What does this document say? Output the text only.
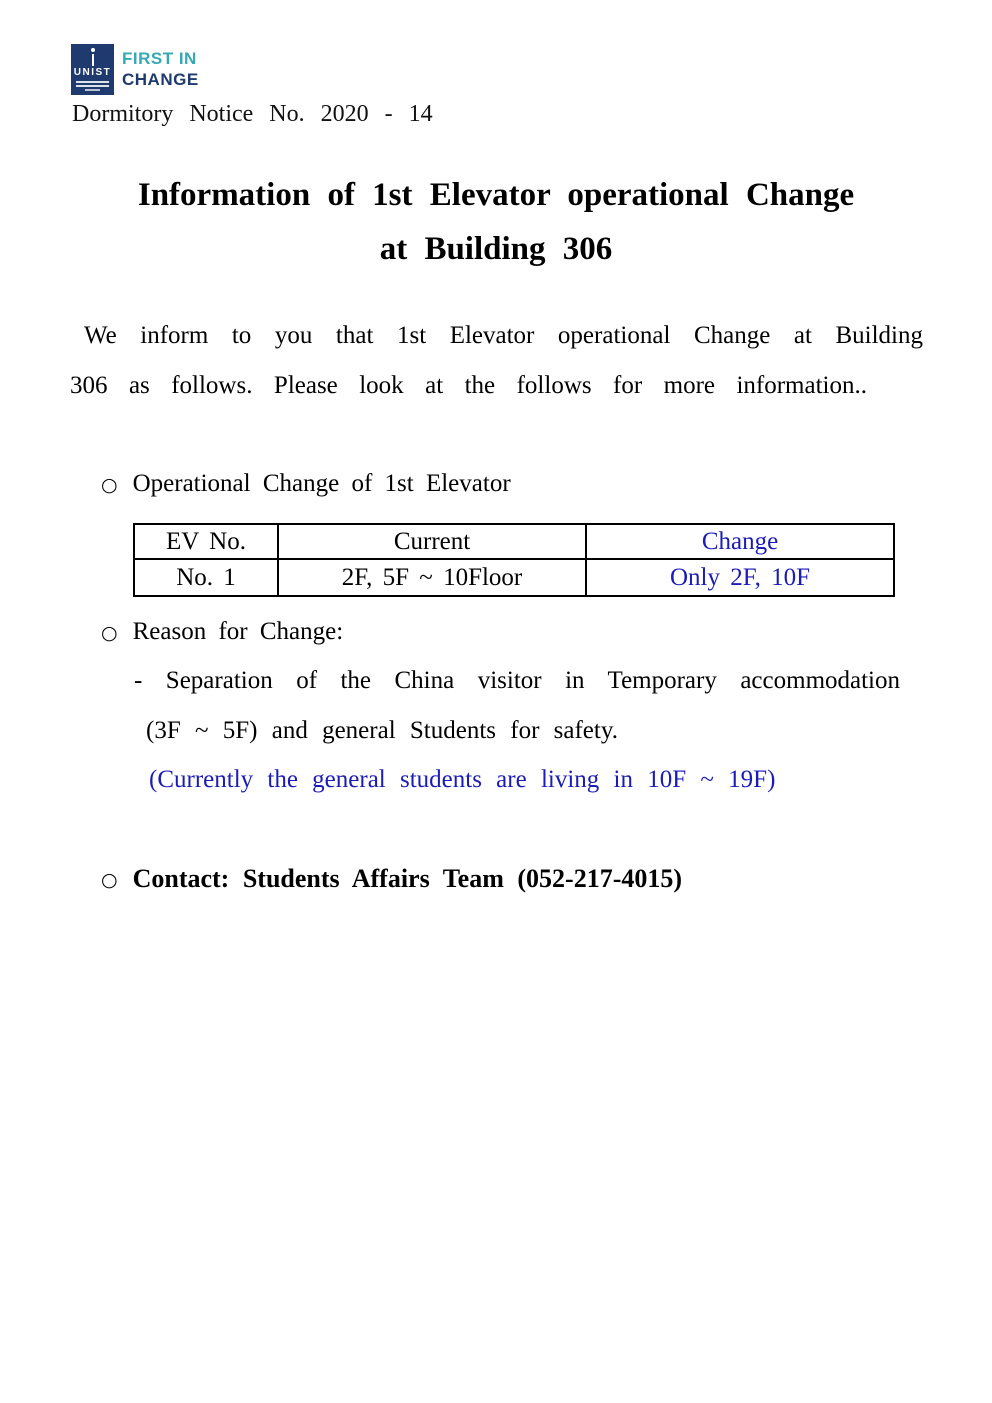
UNIST
FIRST IN
CHANGE
Dormitory Notice No. 2020 - 14
Information of 1st Elevator operational Change
at Building 306
We inform to you that 1st Elevator operational Change at Building
306 as follows. Please look at the follows for more information..
○ Operational Change of 1st Elevator
EV No.	Current	Change
No. 1	2F, 5F ~ 10Floor	Only 2F, 10F
○ Reason for Change:
- Separation of the China visitor in Temporary accommodation
(3F ~ 5F) and general Students for safety.
(Currently the general students are living in 10F ~ 19F)
○ Contact: Students Affairs Team (052-217-4015)
